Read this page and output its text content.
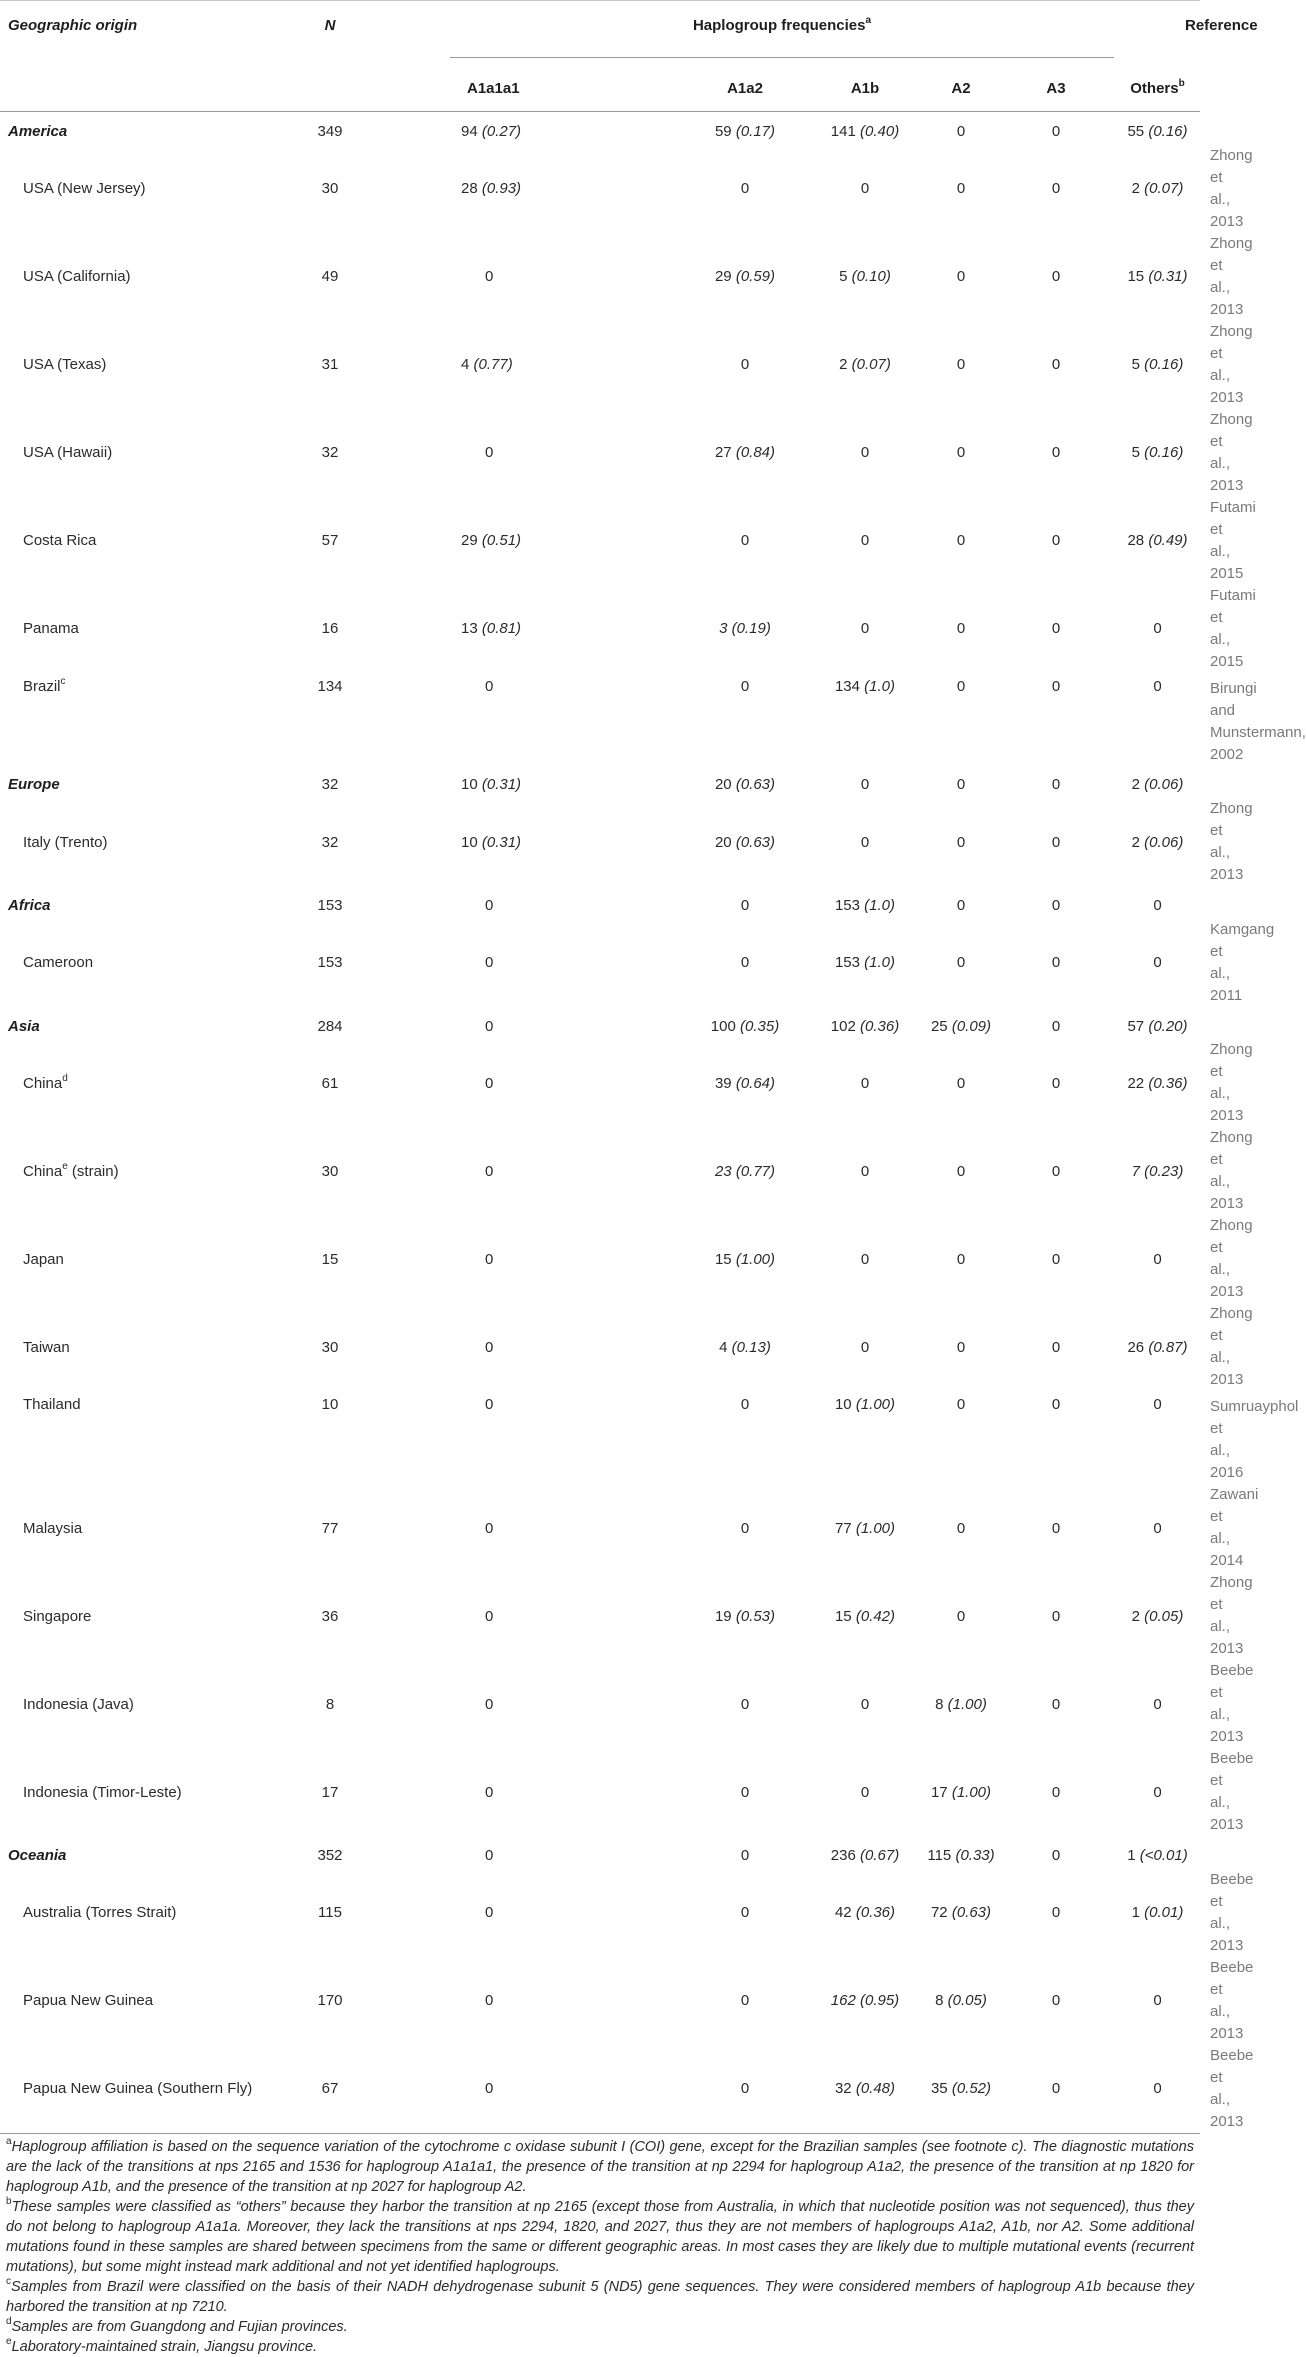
Geographic origin	N	Haplogroup frequencies$^a$						Reference	
			A1a1a1	A1a2	A1b	A2	A3	Others$^b$	
America	349		94 (0.27)	59 (0.17)	141 (0.40)	0	0	55 (0.16)	
USA (New Jersey)	30		28 (0.93)	0	0	0	0	2 (0.07)	Zhong et al., 2013
USA (California)	49		0	29 (0.59)	5 (0.10)	0	0	15 (0.31)	Zhong et al., 2013
USA (Texas)	31		4 (0.77)	0	2 (0.07)	0	0	5 (0.16)	Zhong et al., 2013
USA (Hawaii)	32		0	27 (0.84)	0	0	0	5 (0.16)	Zhong et al., 2013
Costa Rica	57		29 (0.51)	0	0	0	0	28 (0.49)	Futami et al., 2015
Panama	16		13 (0.81)	3 (0.19)	0	0	0	0	Futami et al., 2015
Brazil$^c$	134		0	0	134 (1.0)	0	0	0	Birungi and Munstermann, 2002
Europe	32		10 (0.31)	20 (0.63)	0	0	0	2 (0.06)	
Italy (Trento)	32		10 (0.31)	20 (0.63)	0	0	0	2 (0.06)	Zhong et al., 2013
Africa	153		0	0	153 (1.0)	0	0	0	
Cameroon	153		0	0	153 (1.0)	0	0	0	Kamgang et al., 2011
Asia	284		0	100 (0.35)	102 (0.36)	25 (0.09)	0	57 (0.20)	
China$^d$	61		0	39 (0.64)	0	0	0	22 (0.36)	Zhong et al., 2013
China$^e$ (strain)	30		0	23 (0.77)	0	0	0	7 (0.23)	Zhong et al., 2013
Japan	15		0	15 (1.00)	0	0	0	0	Zhong et al., 2013
Taiwan	30		0	4 (0.13)	0	0	0	26 (0.87)	Zhong et al., 2013
Thailand	10		0	0	10 (1.00)	0	0	0	Sumruayphol et al., 2016
Malaysia	77		0	0	77 (1.00)	0	0	0	Zawani et al., 2014
Singapore	36		0	19 (0.53)	15 (0.42)	0	0	2 (0.05)	Zhong et al., 2013
Indonesia (Java)	8		0	0	0	8 (1.00)	0	0	Beebe et al., 2013
Indonesia (Timor-Leste)	17		0	0	0	17 (1.00)	0	0	Beebe et al., 2013
Oceania	352		0	0	236 (0.67)	115 (0.33)	0	1 (<0.01)	
Australia (Torres Strait)	115		0	0	42 (0.36)	72 (0.63)	0	1 (0.01)	Beebe et al., 2013
Papua New Guinea	170		0	0	162 (0.95)	8 (0.05)	0	0	Beebe et al., 2013
Papua New Guinea (Southern Fly)	67		0	0	32 (0.48)	35 (0.52)	0	0	Beebe et al., 2013

$^a$Haplogroup affiliation is based on the sequence variation of the cytochrome c oxidase subunit I (COI) gene, except for the Brazilian samples (see footnote c). The diagnostic mutations are the lack of the transitions at nps 2165 and 1536 for haplogroup A1a1a1, the presence of the transition at np 2294 for haplogroup A1a2, the presence of the transition at np 1820 for haplogroup A1b, and the presence of the transition at np 2027 for haplogroup A2.

$^b$These samples were classified as “others” because they harbor the transition at np 2165 (except those from Australia, in which that nucleotide position was not sequenced), thus they do not belong to haplogroup A1a1a. Moreover, they lack the transitions at nps 2294, 1820, and 2027, thus they are not members of haplogroups A1a2, A1b, nor A2. Some additional mutations found in these samples are shared between specimens from the same or different geographic areas. In most cases they are likely due to multiple mutational events (recurrent mutations), but some might instead mark additional and not yet identified haplogroups.

$^c$Samples from Brazil were classified on the basis of their NADH dehydrogenase subunit 5 (ND5) gene sequences. They were considered members of haplogroup A1b because they harbored the transition at np 7210.

$^d$Samples are from Guangdong and Fujian provinces.

$^e$Laboratory-maintained strain, Jiangsu province.
